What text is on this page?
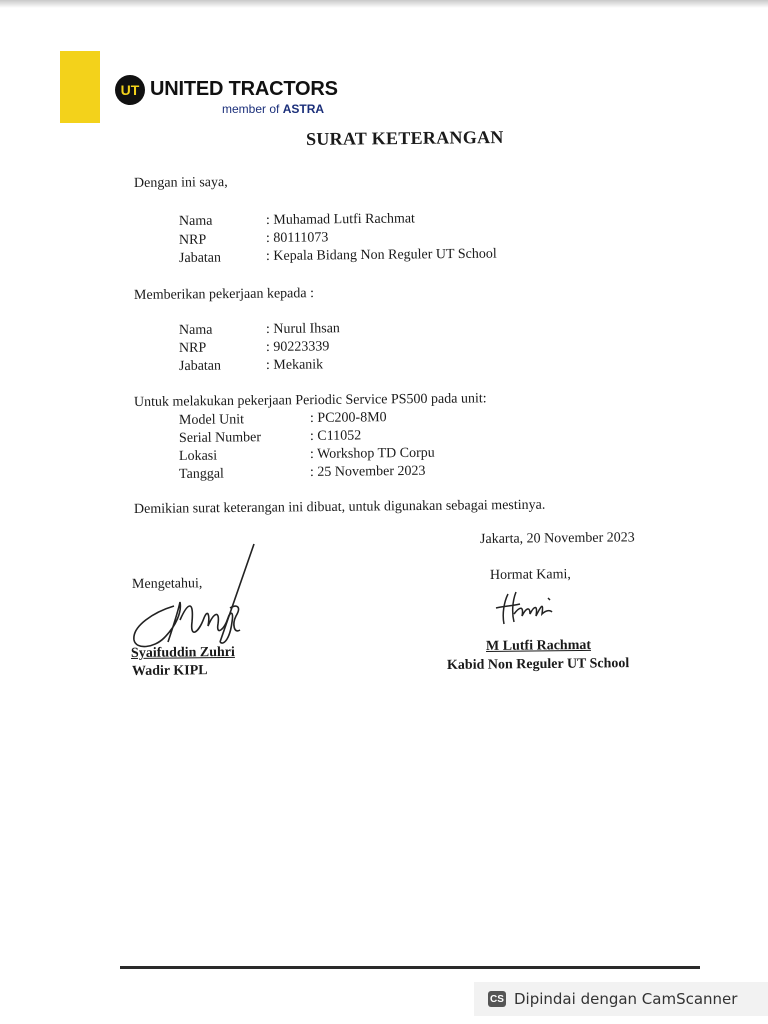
UT UNITED TRACTORS
member of ASTRA
SURAT KETERANGAN
Dengan ini saya,
Nama	: Muhamad Lutfi Rachmat
NRP	: 80111073
Jabatan	: Kepala Bidang Non Reguler UT School
Memberikan pekerjaan kepada :
Nama	: Nurul Ihsan
NRP	: 90223339
Jabatan	: Mekanik
Untuk melakukan pekerjaan Periodic Service PS500 pada unit:
Model Unit	: PC200-8M0
Serial Number	: C11052
Lokasi	: Workshop TD Corpu
Tanggal	: 25 November 2023
Demikian surat keterangan ini dibuat, untuk digunakan sebagai mestinya.
Jakarta, 20 November 2023
Mengetahui,
Syaifuddin Zuhri
Wadir KIPL
Hormat Kami,
M Lutfi Rachmat
Kabid Non Reguler UT School
CS Dipindai dengan CamScanner
